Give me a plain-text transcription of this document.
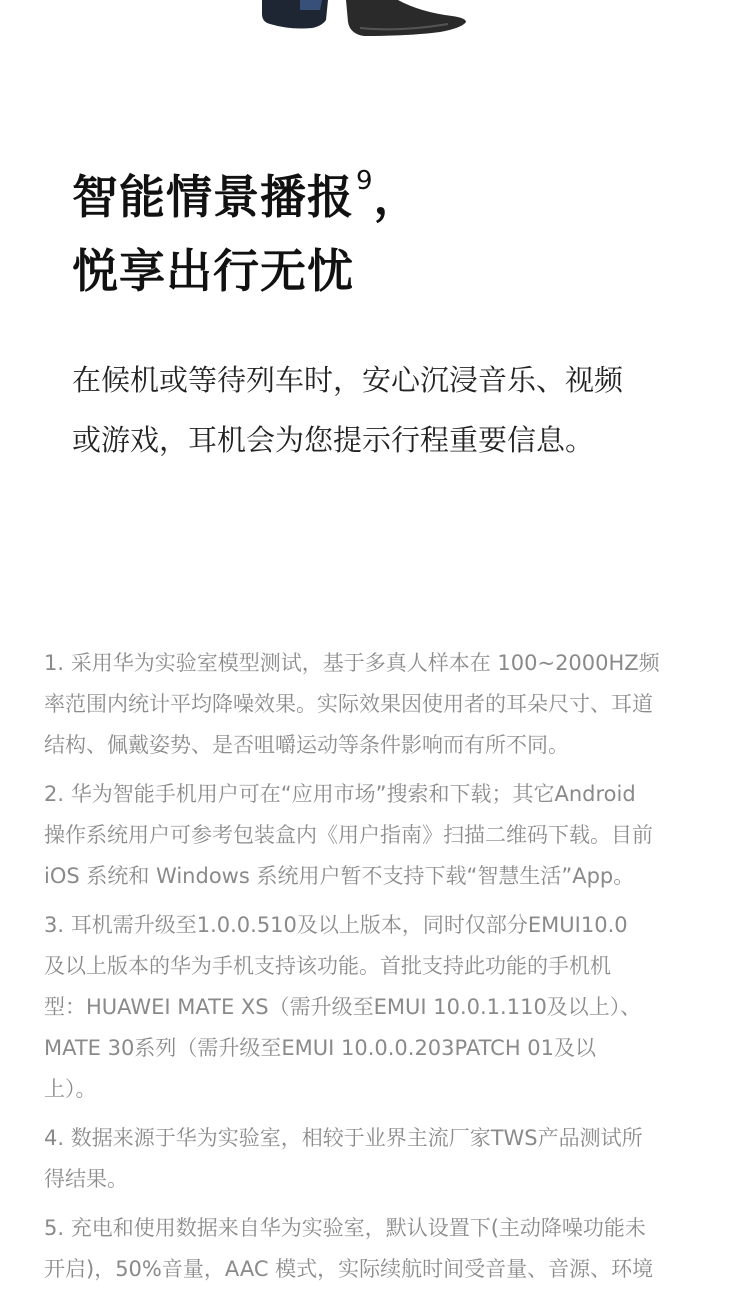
智能情景播报$^9$，
悦享出行无忧

在候机或等待列车时，安心沉浸音乐、视频
或游戏，耳机会为您提示行程重要信息。

1. 采用华为实验室模型测试，基于多真人样本在 100~2000HZ频
率范围内统计平均降噪效果。实际效果因使用者的耳朵尺寸、耳道
结构、佩戴姿势、是否咀嚼运动等条件影响而有所不同。
2. 华为智能手机用户可在“应用市场”搜索和下载；其它Android
操作系统用户可参考包装盒内《用户指南》扫描二维码下载。目前
iOS 系统和 Windows 系统用户暂不支持下载“智慧生活”App。
3. 耳机需升级至1.0.0.510及以上版本，同时仅部分EMUI10.0
及以上版本的华为手机支持该功能。首批支持此功能的手机机
型：HUAWEI MATE XS（需升级至EMUI 10.0.1.110及以上）、
MATE 30系列（需升级至EMUI 10.0.0.203PATCH 01及以
上）。
4. 数据来源于华为实验室，相较于业界主流厂家TWS产品测试所
得结果。
5. 充电和使用数据来自华为实验室，默认设置下(主动降噪功能未
开启)，50%音量，AAC 模式，实际续航时间受音量、音源、环境
